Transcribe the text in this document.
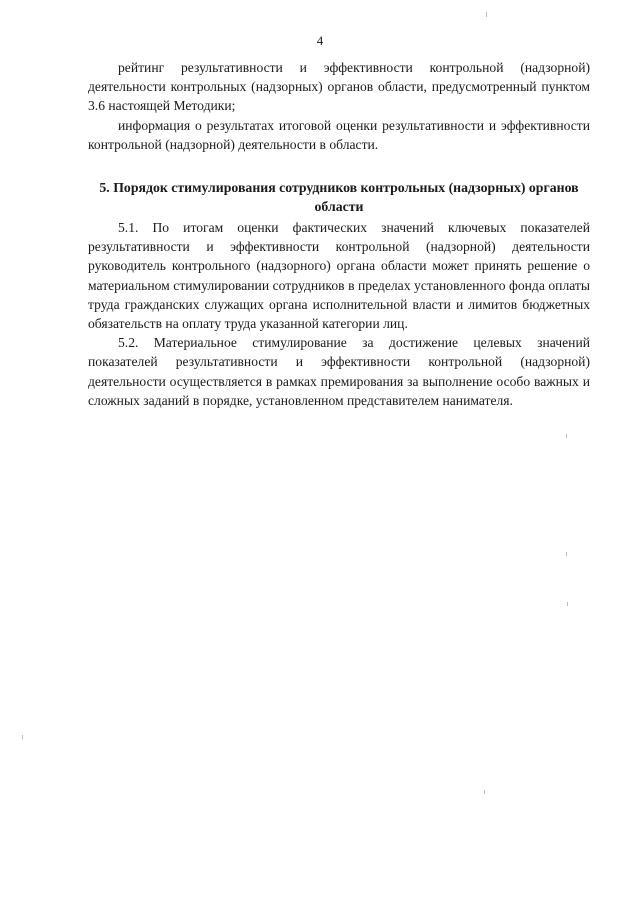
4

рейтинг результативности и эффективности контрольной (надзорной) деятельности контрольных (надзорных) органов области, предусмотренный пунктом 3.6 настоящей Методики;

информация о результатах итоговой оценки результативности и эффективности контрольной (надзорной) деятельности в области.

5. Порядок стимулирования сотрудников контрольных (надзорных) органов области

5.1. По итогам оценки фактических значений ключевых показателей результативности и эффективности контрольной (надзорной) деятельности руководитель контрольного (надзорного) органа области может принять решение о материальном стимулировании сотрудников в пределах установленного фонда оплаты труда гражданских служащих органа исполнительной власти и лимитов бюджетных обязательств на оплату труда указанной категории лиц.

5.2. Материальное стимулирование за достижение целевых значений показателей результативности и эффективности контрольной (надзорной) деятельности осуществляется в рамках премирования за выполнение особо важных и сложных заданий в порядке, установленном представителем нанимателя.
